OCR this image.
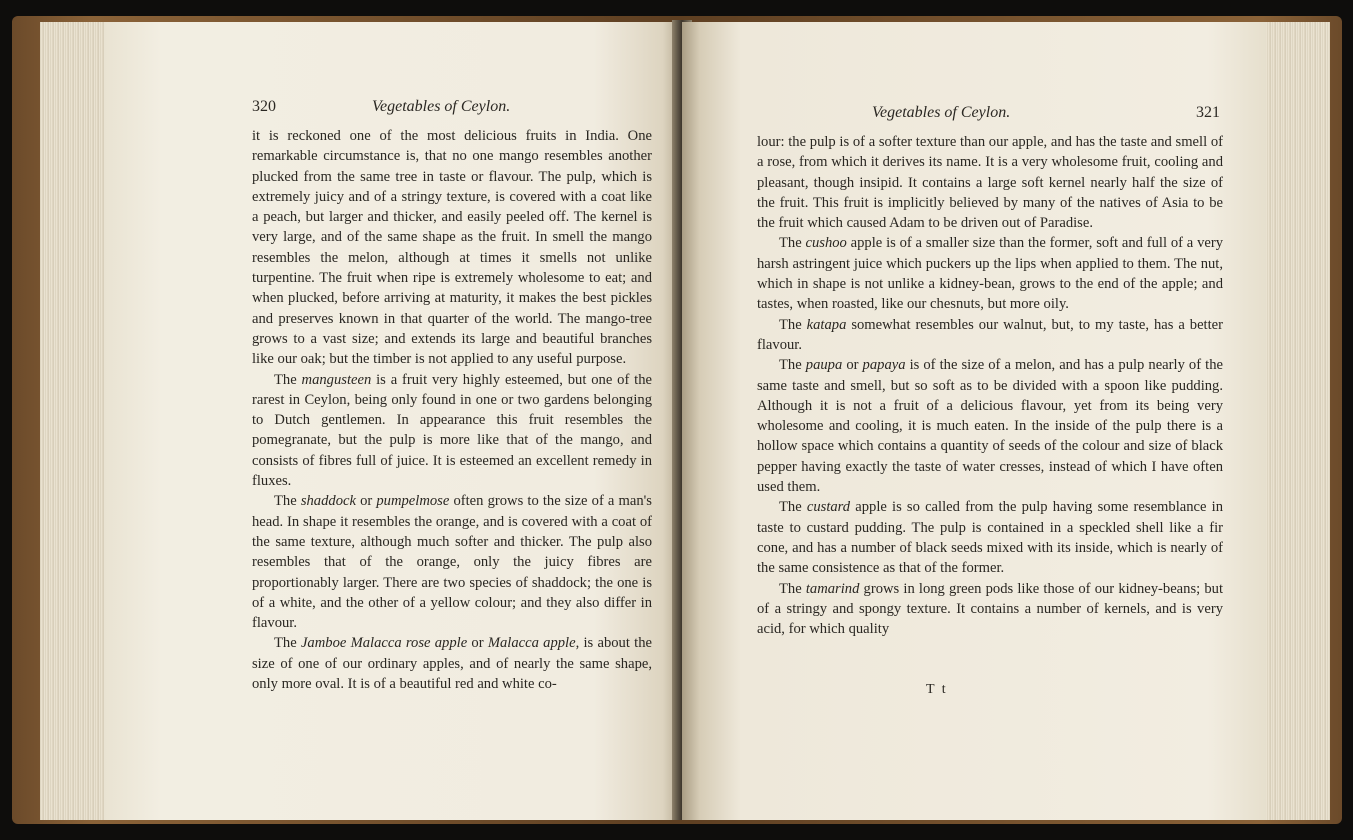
320	Vegetables of Ceylon.

it is reckoned one of the most delicious fruits in India. One remarkable circumstance is, that no one mango resembles another plucked from the same tree in taste or flavour. The pulp, which is extremely juicy and of a stringy texture, is covered with a coat like a peach, but larger and thicker, and easily peeled off. The kernel is very large, and of the same shape as the fruit. In smell the mango resembles the melon, although at times it smells not unlike turpentine. The fruit when ripe is extremely wholesome to eat; and when plucked, before arriving at maturity, it makes the best pickles and preserves known in that quarter of the world. The mango-tree grows to a vast size; and extends its large and beautiful branches like our oak; but the timber is not applied to any useful purpose.

The mangusteen is a fruit very highly esteemed, but one of the rarest in Ceylon, being only found in one or two gardens belonging to Dutch gentlemen. In appearance this fruit resembles the pomegranate, but the pulp is more like that of the mango, and consists of fibres full of juice. It is esteemed an excellent remedy in fluxes.

The shaddock or pumpelmose often grows to the size of a man's head. In shape it resembles the orange, and is covered with a coat of the same texture, although much softer and thicker. The pulp also resembles that of the orange, only the juicy fibres are proportionably larger. There are two species of shaddock; the one is of a white, and the other of a yellow colour; and they also differ in flavour.

The Jamboe Malacca rose apple or Malacca apple, is about the size of one of our ordinary apples, and of nearly the same shape, only more oval. It is of a beautiful red and white co-

Vegetables of Ceylon.	321

lour: the pulp is of a softer texture than our apple, and has the taste and smell of a rose, from which it derives its name. It is a very wholesome fruit, cooling and pleasant, though insipid. It contains a large soft kernel nearly half the size of the fruit. This fruit is implicitly believed by many of the natives of Asia to be the fruit which caused Adam to be driven out of Paradise.

The cushoo apple is of a smaller size than the former, soft and full of a very harsh astringent juice which puckers up the lips when applied to them. The nut, which in shape is not unlike a kidney-bean, grows to the end of the apple; and tastes, when roasted, like our chesnuts, but more oily.

The katapa somewhat resembles our walnut, but, to my taste, has a better flavour.

The paupa or papaya is of the size of a melon, and has a pulp nearly of the same taste and smell, but so soft as to be divided with a spoon like pudding. Although it is not a fruit of a delicious flavour, yet from its being very wholesome and cooling, it is much eaten. In the inside of the pulp there is a hollow space which contains a quantity of seeds of the colour and size of black pepper having exactly the taste of water cresses, instead of which I have often used them.

The custard apple is so called from the pulp having some resemblance in taste to custard pudding. The pulp is contained in a speckled shell like a fir cone, and has a number of black seeds mixed with its inside, which is nearly of the same consistence as that of the former.

The tamarind grows in long green pods like those of our kidney-beans; but of a stringy and spongy texture. It contains a number of kernels, and is very acid, for which quality

T t
